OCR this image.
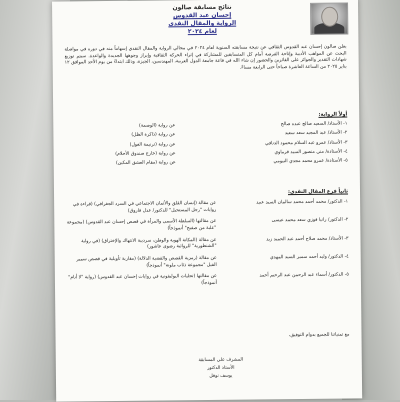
نتائج مسابقة صالون
إحسان عبد القدوس
الرواية والمقال النقدي
لعام ٢٠٢٤
يعلن صالون إحسان عبد القدوس الثقافي عن نتيجة مسابقته السنوية لعام ٢٠٢٤ في مجالي الرواية والمقال النقدي إسهاماً منه في دوره في مواصلة البحث عن المواهب الأدبية وإتاحة الفرصة أمام كل المتسابقين للمشاركة في إثراء الحركة الثقافية وإبراز وجوهها الجديدة والواعدة. سيتم توزيع شهادات التقدير والجوائز على الفائزين والحضور إن شاء الله في قاعة جامعة الدول العربية، المهندسين، الجيزة، وذلك ابتداءً من يوم الأحد الموافق ١٢ يناير ٢٠٢٥ من الساعة العاشرة صباحاً حتى الرابعة مساءً.
أولاً الرواية:
١- الأستاذ/ السعيد صالح عبده صالح
عن رواية (الوصمة)
٢- الأستاذ/ عبد المجيد سعد سعيد
عن رواية (ذاكرة الظل)
٣- الأستاذ/ عمرو عبد السلام محمود الدنافي
عن رواية (ترنيمة الغول)
٤- الأستاذة/ منى منصور السيد قرماوي
عن رواية (خارج صندوق الأحلام)
٥- الأستاذة/ عمرو محمد مجدي البيومي
عن رواية (مقام العشق المكين)
ثانياً فرع المقال النقدي:
١- الدكتور/ محمد أحمد محمد سالمان السيد عبيد
عن مقالة (إنسان القلق والأثمان الاجتماعي في السرد الجغرافي) (قراءة في روايات "رجل المستحيل" للدكتور/ عدل فاروق)
٢- الدكتور/ رانيا فوزي سعد محمد عيسى
عن مقالتها (السلطة الأسمى والمرأة في قصص إحسان عبد القدوس) (مجموعة "علبة من صفيح" أنموذجاً)
٣- الأستاذ/ محمد صلاح أحمد عبد الحميد زيد
عن مقالة (المكانة الهوية والوطن، سرديبة الانتهاك والإختراق) (في رواية "الشنطورية" للروائية رضوى عاشور)
٤- الدكتور/ وليد أحمد سمير السيد المهدي
عن مقالة (رمزية القصص والقضية الدلالة) (مقاربة تأويلية في قصص سمير الفيل "مجموعة ذئاب ملونة" أنموذجاً)
٥- الدكتور/ أسماء عبد الرحمن عبد الرحيم أحمد
عن مقالتها (تجليات البوليفونية في روايات إحسان عبد القدوس) (رواية "لا أنام" أنموذجاً)
مع تمنياتنا للجميع بدوام التوفيق،
المشرف على المسابقة
الأستاذ الدكتور
يوسف نوفل
